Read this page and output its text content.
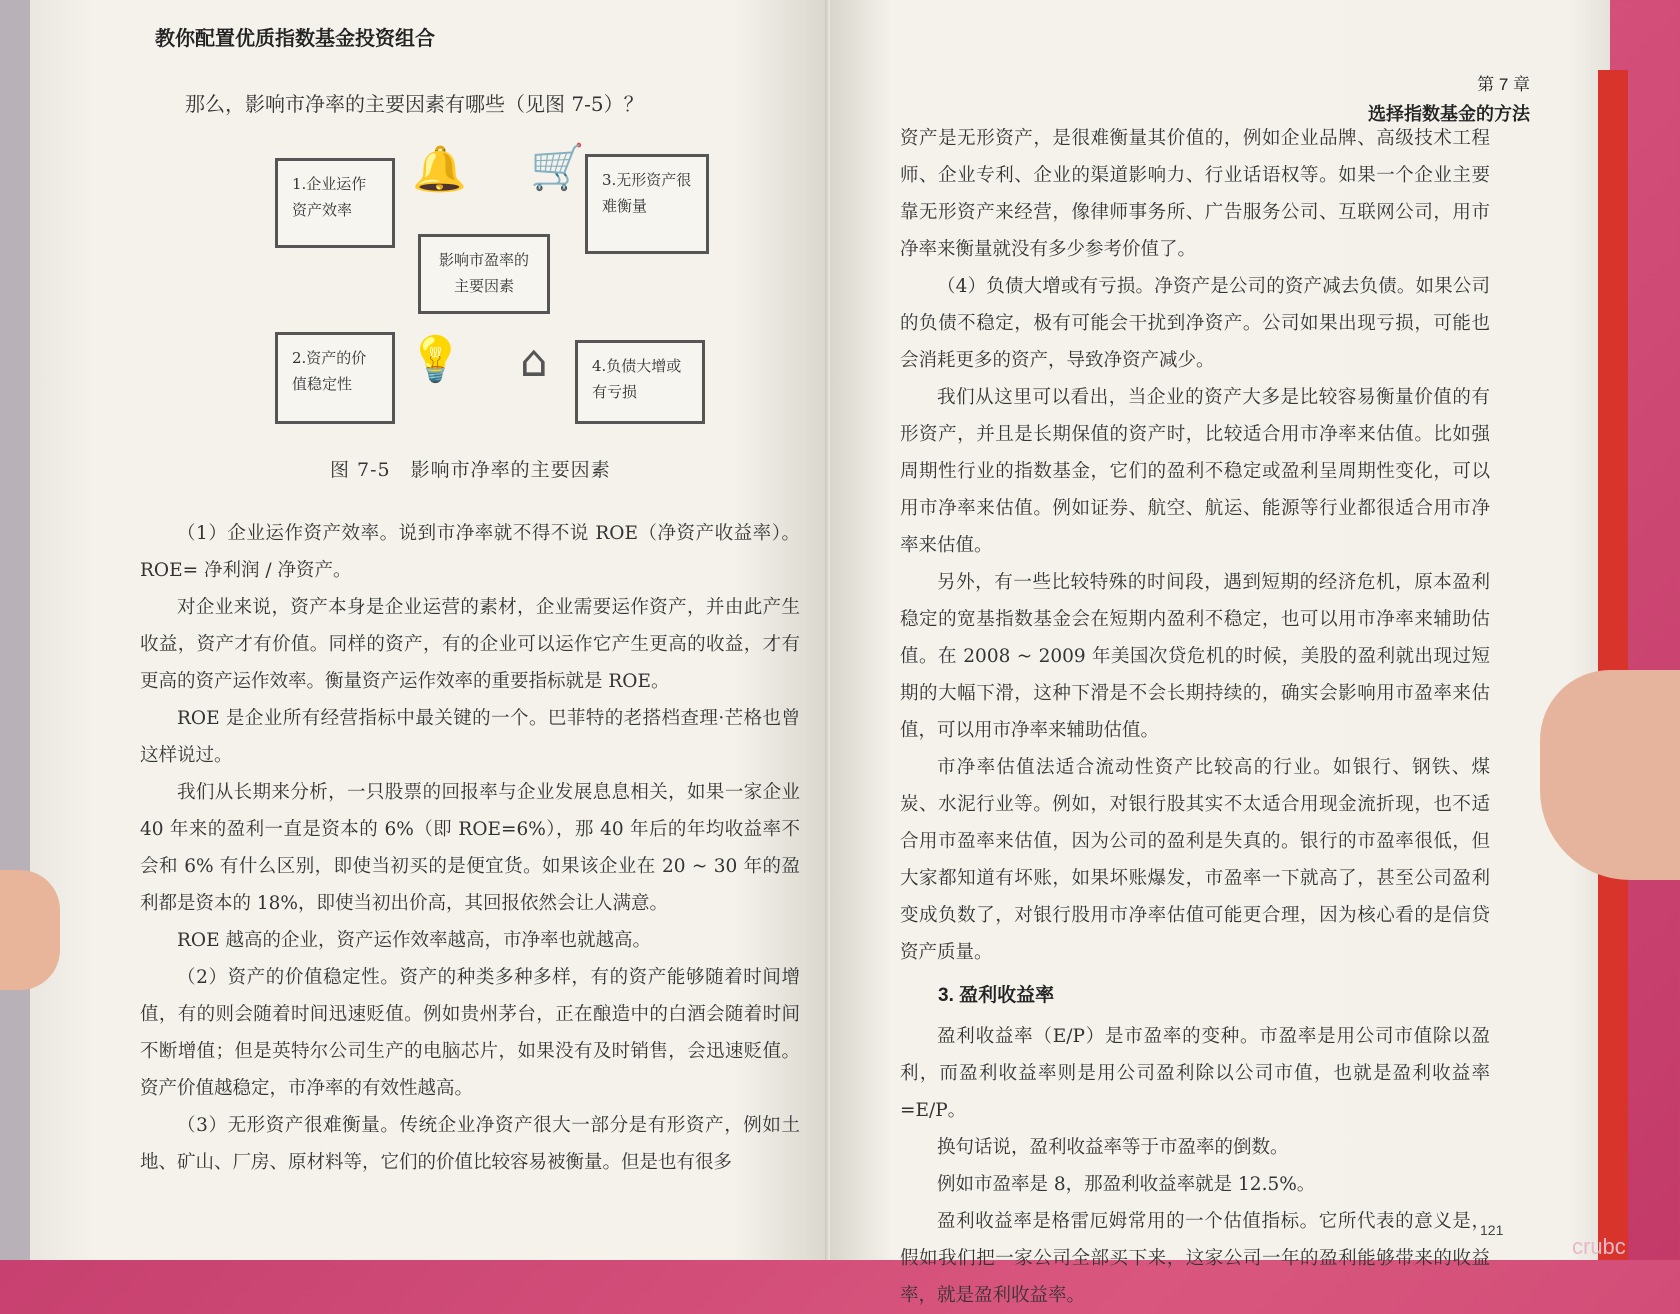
教你配置优质指数基金投资组合
那么，影响市净率的主要因素有哪些（见图 7-5）？
1.企业运作资产效率
🔔 🛒	3.无形资产很难衡量
影响市盈率的主要因素
2.资产的价值稳定性	💡 ⌂	4.负债大增或有亏损
图 7-5　影响市净率的主要因素
第 7 章
选择指数基金的方法

（1）企业运作资产效率。说到市净率就不得不说 ROE（净资产收益率）。ROE= 净利润 / 净资产。

对企业来说，资产本身是企业运营的素材，企业需要运作资产，并由此产生收益，资产才有价值。同样的资产，有的企业可以运作它产生更高的收益，才有更高的资产运作效率。衡量资产运作效率的重要指标就是 ROE。

ROE 是企业所有经营指标中最关键的一个。巴菲特的老搭档查理·芒格也曾这样说过。

我们从长期来分析，一只股票的回报率与企业发展息息相关，如果一家企业 40 年来的盈利一直是资本的 6%（即 ROE=6%），那 40 年后的年均收益率不会和 6% 有什么区别，即使当初买的是便宜货。如果该企业在 20 ~ 30 年的盈利都是资本的 18%，即使当初出价高，其回报依然会让人满意。

ROE 越高的企业，资产运作效率越高，市净率也就越高。

（2）资产的价值稳定性。资产的种类多种多样，有的资产能够随着时间增值，有的则会随着时间迅速贬值。例如贵州茅台，正在酿造中的白酒会随着时间不断增值；但是英特尔公司生产的电脑芯片，如果没有及时销售，会迅速贬值。资产价值越稳定，市净率的有效性越高。

（3）无形资产很难衡量。传统企业净资产很大一部分是有形资产，例如土地、矿山、厂房、原材料等，它们的价值比较容易被衡量。但是也有很多

资产是无形资产，是很难衡量其价值的，例如企业品牌、高级技术工程师、企业专利、企业的渠道影响力、行业话语权等。如果一个企业主要靠无形资产来经营，像律师事务所、广告服务公司、互联网公司，用市净率来衡量就没有多少参考价值了。

（4）负债大增或有亏损。净资产是公司的资产减去负债。如果公司的负债不稳定，极有可能会干扰到净资产。公司如果出现亏损，可能也会消耗更多的资产，导致净资产减少。

我们从这里可以看出，当企业的资产大多是比较容易衡量价值的有形资产，并且是长期保值的资产时，比较适合用市净率来估值。比如强周期性行业的指数基金，它们的盈利不稳定或盈利呈周期性变化，可以用市净率来估值。例如证券、航空、航运、能源等行业都很适合用市净率来估值。

另外，有一些比较特殊的时间段，遇到短期的经济危机，原本盈利稳定的宽基指数基金会在短期内盈利不稳定，也可以用市净率来辅助估值。在 2008 ~ 2009 年美国次贷危机的时候，美股的盈利就出现过短期的大幅下滑，这种下滑是不会长期持续的，确实会影响用市盈率来估值，可以用市净率来辅助估值。

市净率估值法适合流动性资产比较高的行业。如银行、钢铁、煤炭、水泥行业等。例如，对银行股其实不太适合用现金流折现，也不适合用市盈率来估值，因为公司的盈利是失真的。银行的市盈率很低，但大家都知道有坏账，如果坏账爆发，市盈率一下就高了，甚至公司盈利变成负数了，对银行股用市净率估值可能更合理，因为核心看的是信贷资产质量。

3. 盈利收益率

盈利收益率（E/P）是市盈率的变种。市盈率是用公司市值除以盈利，而盈利收益率则是用公司盈利除以公司市值，也就是盈利收益率 =E/P。

换句话说，盈利收益率等于市盈率的倒数。

例如市盈率是 8，那盈利收益率就是 12.5%。

盈利收益率是格雷厄姆常用的一个估值指标。它所代表的意义是，假如我们把一家公司全部买下来，这家公司一年的盈利能够带来的收益率，就是盈利收益率。

121
crubc
